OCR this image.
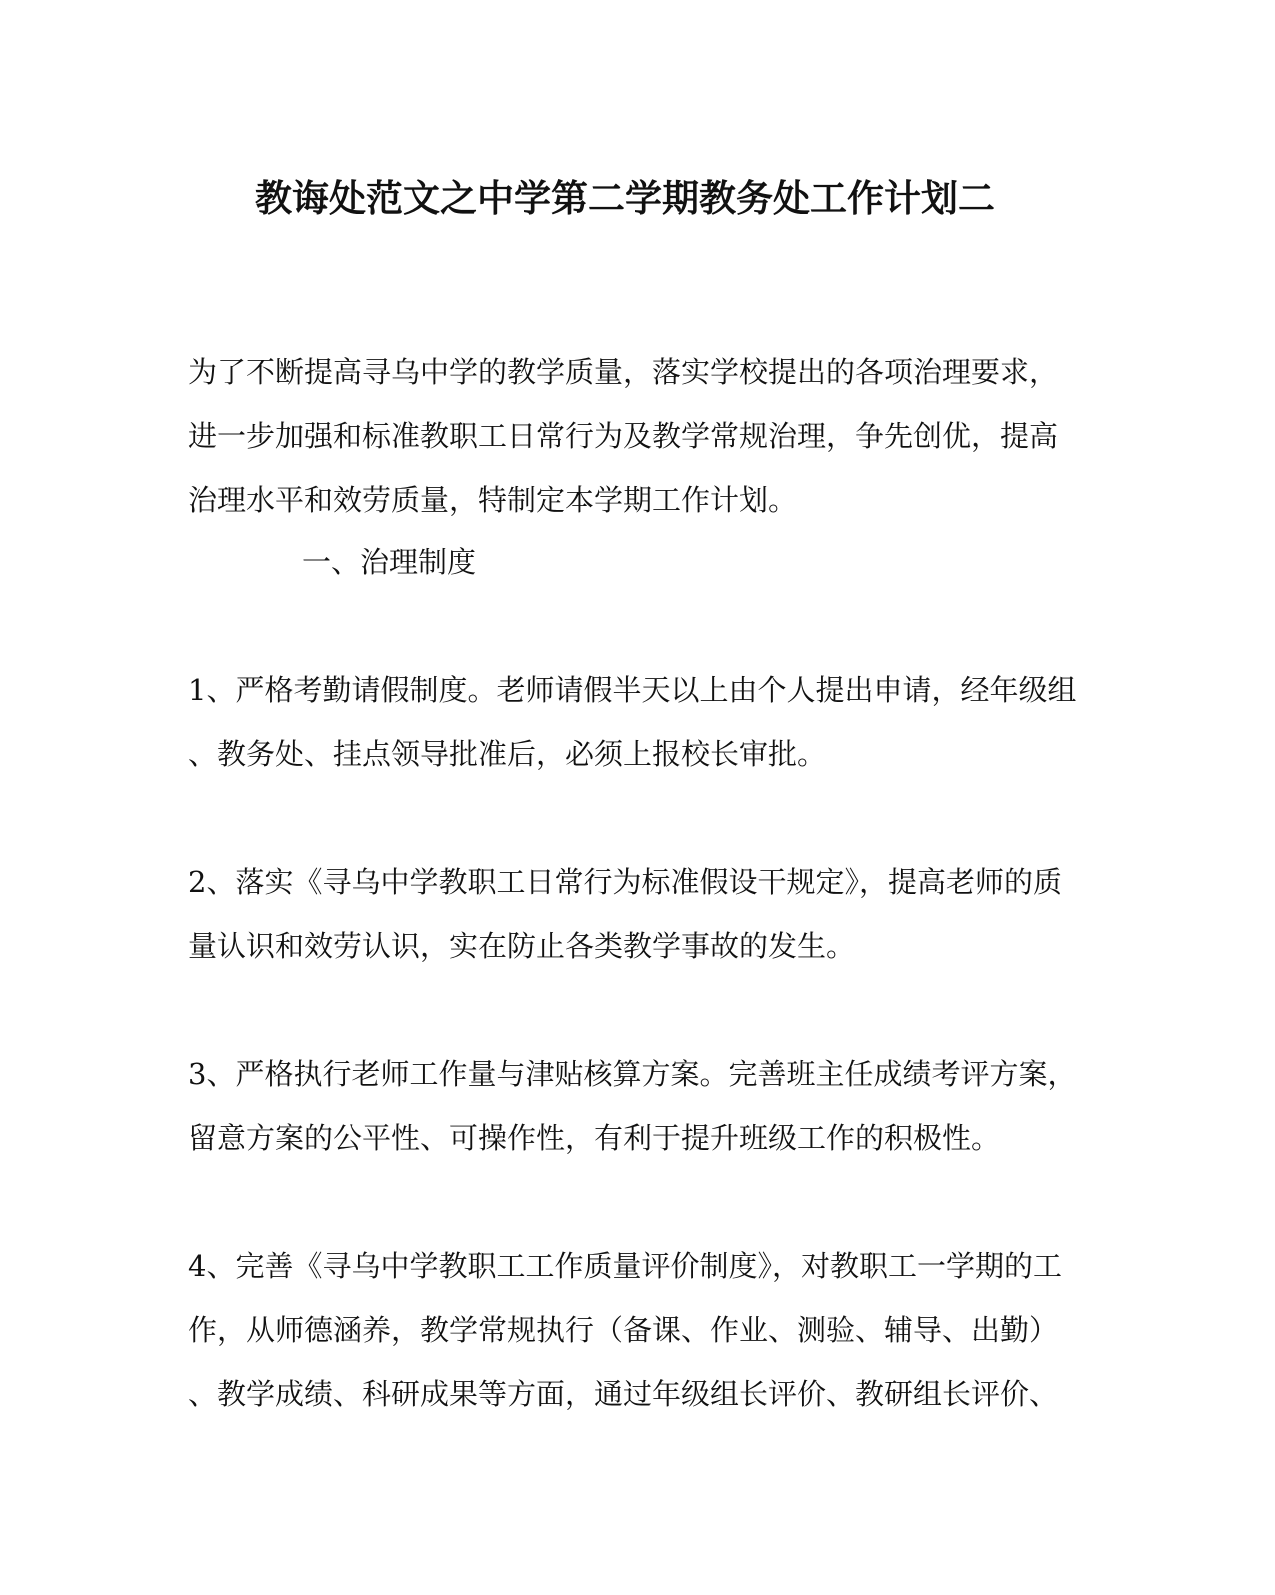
教诲处范文之中学第二学期教务处工作计划二
为了不断提高寻乌中学的教学质量，落实学校提出的各项治理要求，
进一步加强和标准教职工日常行为及教学常规治理，争先创优，提高
治理水平和效劳质量，特制定本学期工作计划。
一、治理制度
1、严格考勤请假制度。老师请假半天以上由个人提出申请，经年级组
、教务处、挂点领导批准后，必须上报校长审批。
2、落实《寻乌中学教职工日常行为标准假设干规定》，提高老师的质
量认识和效劳认识，实在防止各类教学事故的发生。
3、严格执行老师工作量与津贴核算方案。完善班主任成绩考评方案，
留意方案的公平性、可操作性，有利于提升班级工作的积极性。
4、完善《寻乌中学教职工工作质量评价制度》，对教职工一学期的工
作，从师德涵养，教学常规执行（备课、作业、测验、辅导、出勤）
、教学成绩、科研成果等方面，通过年级组长评价、教研组长评价、
